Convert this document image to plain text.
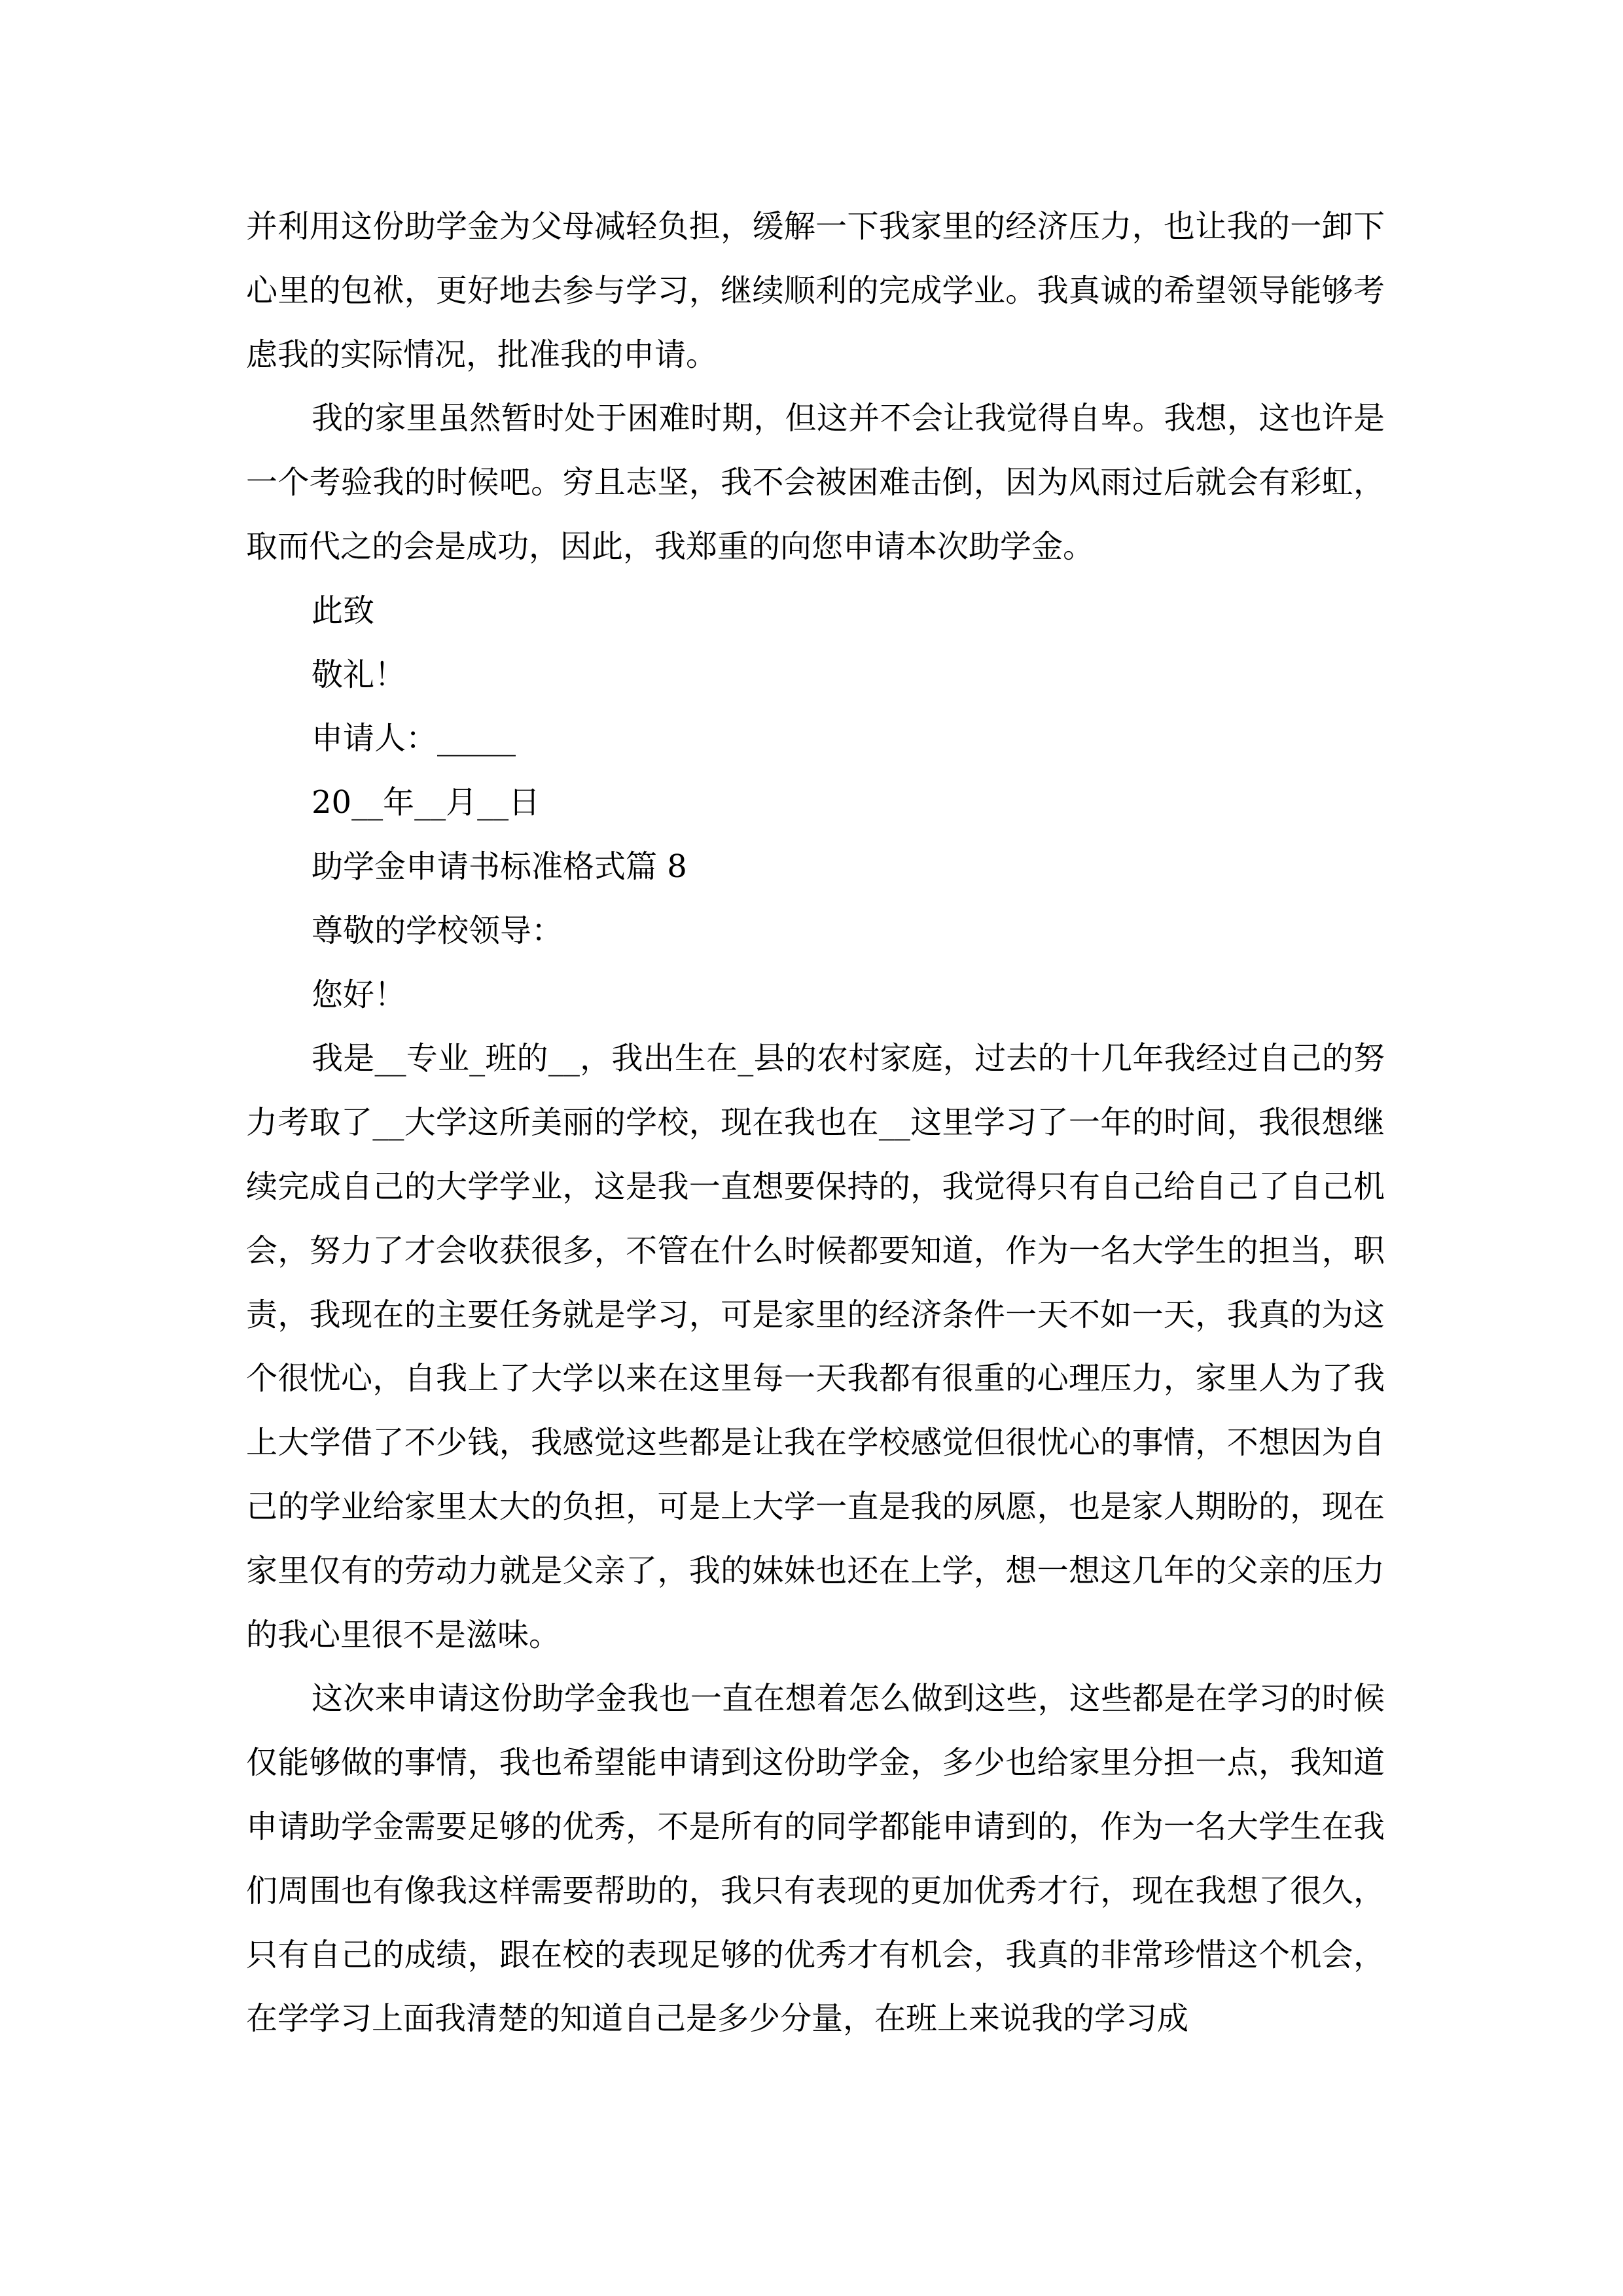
并利用这份助学金为父母减轻负担，缓解一下我家里的经济压力，也让我的一卸下心里的包袱，更好地去参与学习，继续顺利的完成学业。我真诚的希望领导能够考虑我的实际情况，批准我的申请。

我的家里虽然暂时处于困难时期，但这并不会让我觉得自卑。我想，这也许是一个考验我的时候吧。穷且志坚，我不会被困难击倒，因为风雨过后就会有彩虹，取而代之的会是成功，因此，我郑重的向您申请本次助学金。

此致

敬礼！

申请人：_____

20__年__月__日

助学金申请书标准格式篇 8

尊敬的学校领导：

您好！

我是__专业_班的__，我出生在_县的农村家庭，过去的十几年我经过自己的努力考取了__大学这所美丽的学校，现在我也在__这里学习了一年的时间，我很想继续完成自己的大学学业，这是我一直想要保持的，我觉得只有自己给自己了自己机会，努力了才会收获很多，不管在什么时候都要知道，作为一名大学生的担当，职责，我现在的主要任务就是学习，可是家里的经济条件一天不如一天，我真的为这个很忧心，自我上了大学以来在这里每一天我都有很重的心理压力，家里人为了我上大学借了不少钱，我感觉这些都是让我在学校感觉但很忧心的事情，不想因为自己的学业给家里太大的负担，可是上大学一直是我的夙愿，也是家人期盼的，现在家里仅有的劳动力就是父亲了，我的妹妹也还在上学，想一想这几年的父亲的压力的我心里很不是滋味。

这次来申请这份助学金我也一直在想着怎么做到这些，这些都是在学习的时候仅能够做的事情，我也希望能申请到这份助学金，多少也给家里分担一点，我知道申请助学金需要足够的优秀，不是所有的同学都能申请到的，作为一名大学生在我们周围也有像我这样需要帮助的，我只有表现的更加优秀才行，现在我想了很久，只有自己的成绩，跟在校的表现足够的优秀才有机会，我真的非常珍惜这个机会，在学学习上面我清楚的知道自己是多少分量，在班上来说我的学习成
